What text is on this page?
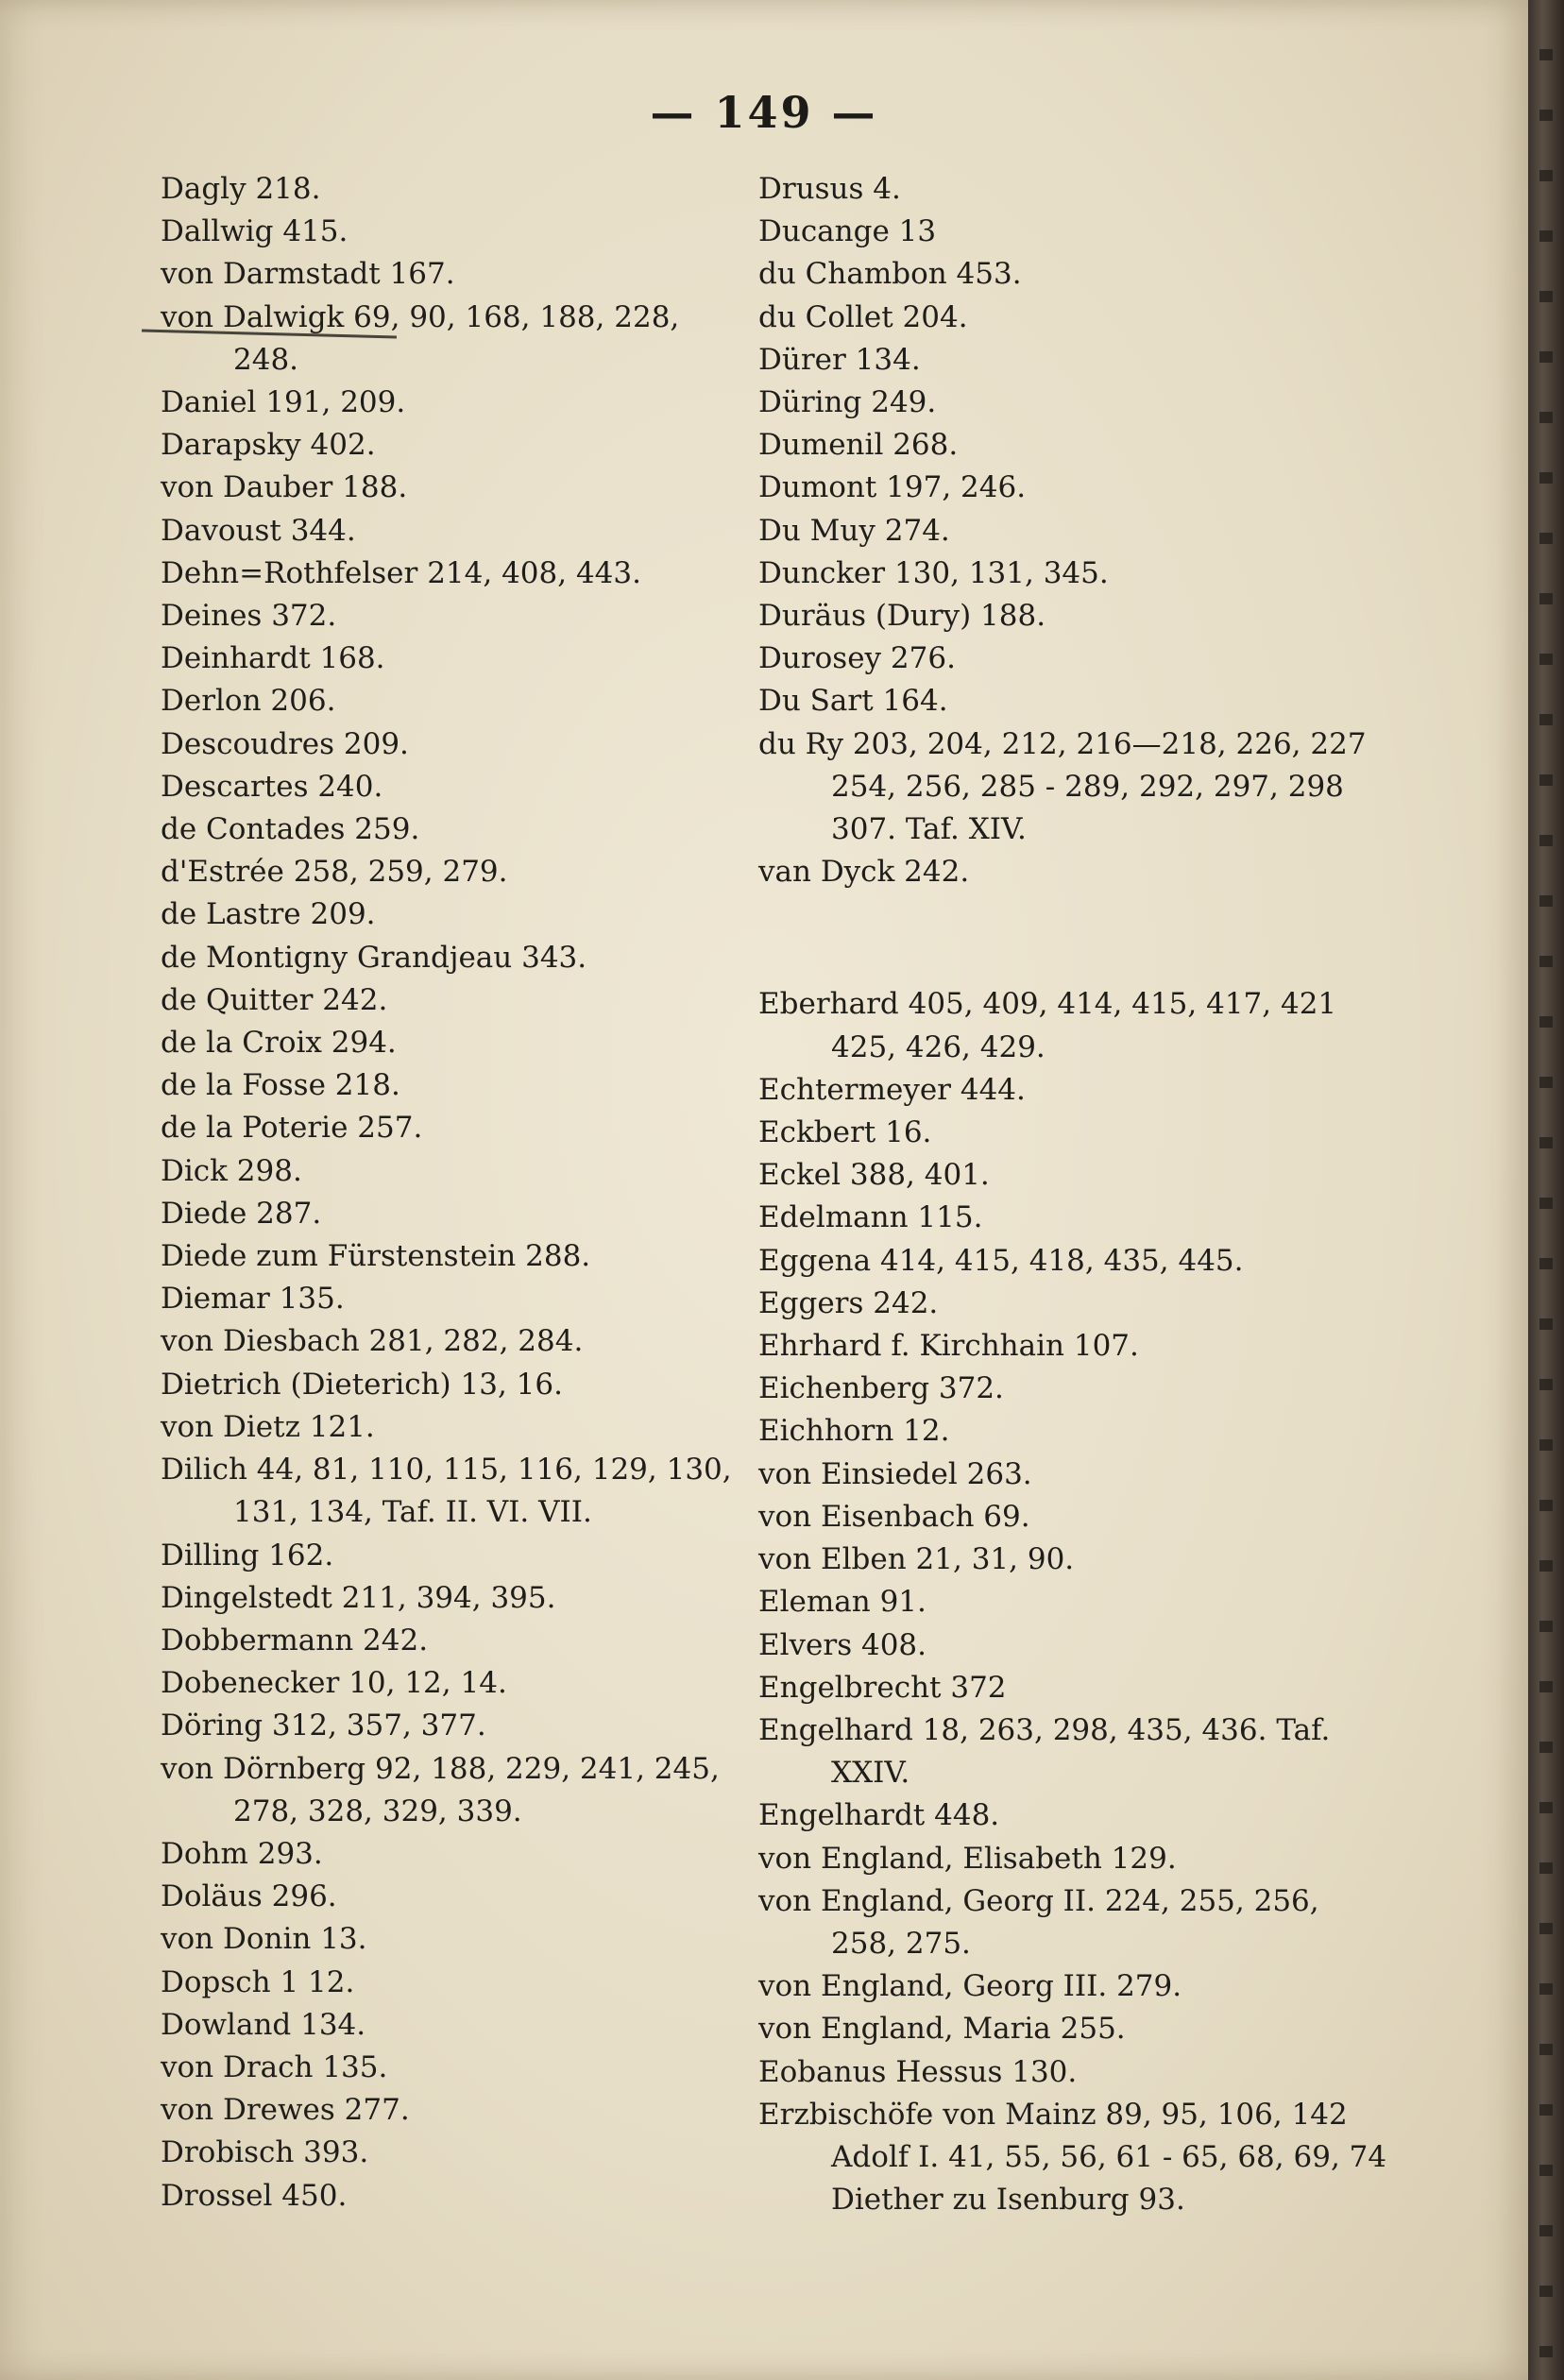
— 149 —
Dagly 218.
Dallwig 415.
von Darmstadt 167.
von Dalwigk 69, 90, 168, 188, 228,
248.
Daniel 191, 209.
Darapsky 402.
von Dauber 188.
Davoust 344.
Dehn=Rothfelser 214, 408, 443.
Deines 372.
Deinhardt 168.
Derlon 206.
Descoudres 209.
Descartes 240.
de Contades 259.
d'Estrée 258, 259, 279.
de Lastre 209.
de Montigny Grandjeau 343.
de Quitter 242.
de la Croix 294.
de la Fosse 218.
de la Poterie 257.
Dick 298.
Diede 287.
Diede zum Fürstenstein 288.
Diemar 135.
von Diesbach 281, 282, 284.
Dietrich (Dieterich) 13, 16.
von Dietz 121.
Dilich 44, 81, 110, 115, 116, 129, 130,
131, 134, Taf. II. VI. VII.
Dilling 162.
Dingelstedt 211, 394, 395.
Dobbermann 242.
Dobenecker 10, 12, 14.
Döring 312, 357, 377.
von Dörnberg 92, 188, 229, 241, 245,
278, 328, 329, 339.
Dohm 293.
Doläus 296.
von Donin 13.
Dopsch 1 12.
Dowland 134.
von Drach 135.
von Drewes 277.
Drobisch 393.
Drossel 450.
Drusus 4.
Ducange 13
du Chambon 453.
du Collet 204.
Dürer 134.
Düring 249.
Dumenil 268.
Dumont 197, 246.
Du Muy 274.
Duncker 130, 131, 345.
Duräus (Dury) 188.
Durosey 276.
Du Sart 164.
du Ry 203, 204, 212, 216—218, 226, 227
254, 256, 285 - 289, 292, 297, 298
307. Taf. XIV.
van Dyck 242.
Eberhard 405, 409, 414, 415, 417, 421
425, 426, 429.
Echtermeyer 444.
Eckbert 16.
Eckel 388, 401.
Edelmann 115.
Eggena 414, 415, 418, 435, 445.
Eggers 242.
Ehrhard f. Kirchhain 107.
Eichenberg 372.
Eichhorn 12.
von Einsiedel 263.
von Eisenbach 69.
von Elben 21, 31, 90.
Eleman 91.
Elvers 408.
Engelbrecht 372
Engelhard 18, 263, 298, 435, 436. Taf.
XXIV.
Engelhardt 448.
von England, Elisabeth 129.
von England, Georg II. 224, 255, 256,
258, 275.
von England, Georg III. 279.
von England, Maria 255.
Eobanus Hessus 130.
Erzbischöfe von Mainz 89, 95, 106, 142
Adolf I. 41, 55, 56, 61 - 65, 68, 69, 74
Diether zu Isenburg 93.
